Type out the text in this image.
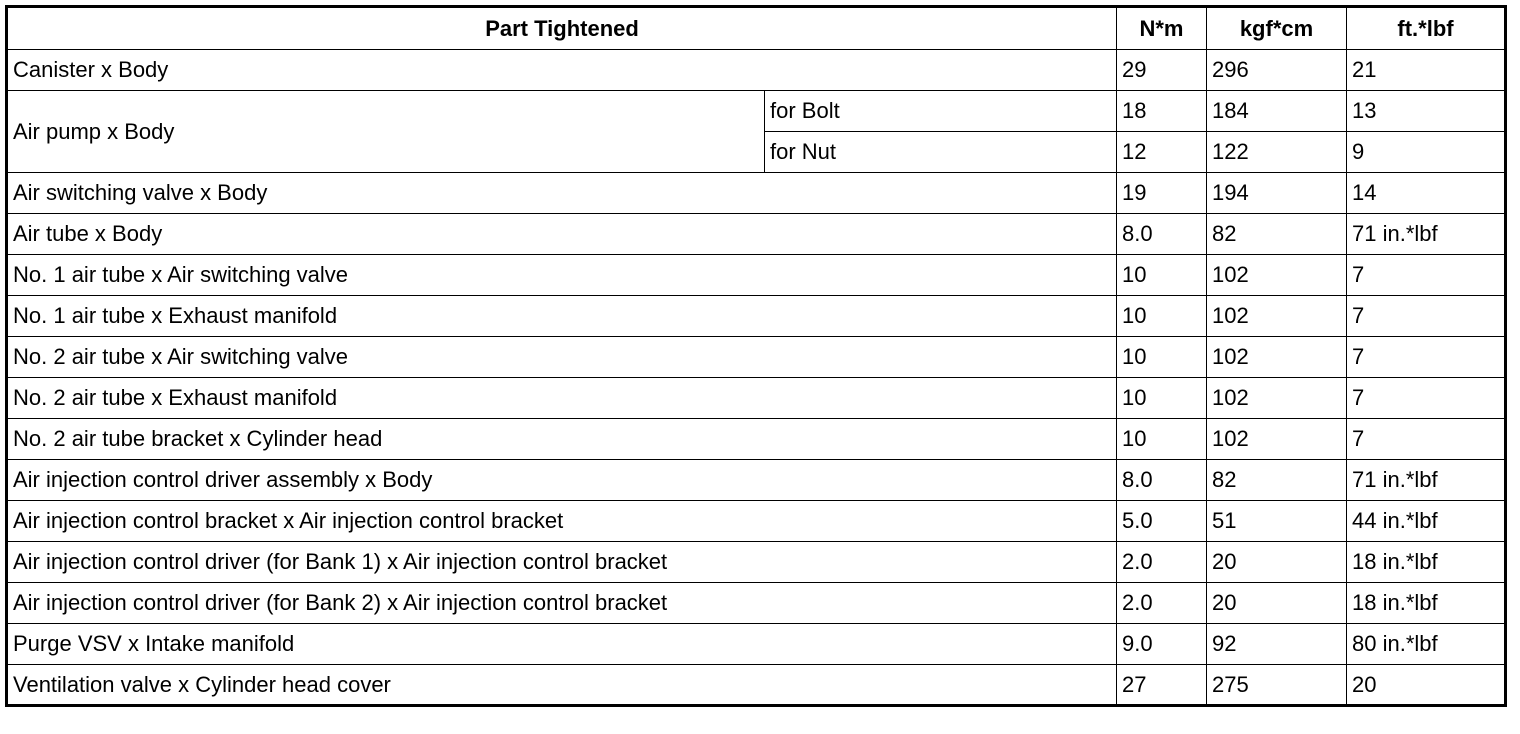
Part Tightened		N*m	kgf*cm	ft.*lbf
Canister x Body		29	296	21
Air pump x Body	for Bolt	18	184	13
	for Nut	12	122	9
Air switching valve x Body		19	194	14
Air tube x Body		8.0	82	71 in.*lbf
No. 1 air tube x Air switching valve		10	102	7
No. 1 air tube x Exhaust manifold		10	102	7
No. 2 air tube x Air switching valve		10	102	7
No. 2 air tube x Exhaust manifold		10	102	7
No. 2 air tube bracket x Cylinder head		10	102	7
Air injection control driver assembly x Body		8.0	82	71 in.*lbf
Air injection control bracket x Air injection control bracket		5.0	51	44 in.*lbf
Air injection control driver (for Bank 1) x Air injection control bracket		2.0	20	18 in.*lbf
Air injection control driver (for Bank 2) x Air injection control bracket		2.0	20	18 in.*lbf
Purge VSV x Intake manifold		9.0	92	80 in.*lbf
Ventilation valve x Cylinder head cover		27	275	20
